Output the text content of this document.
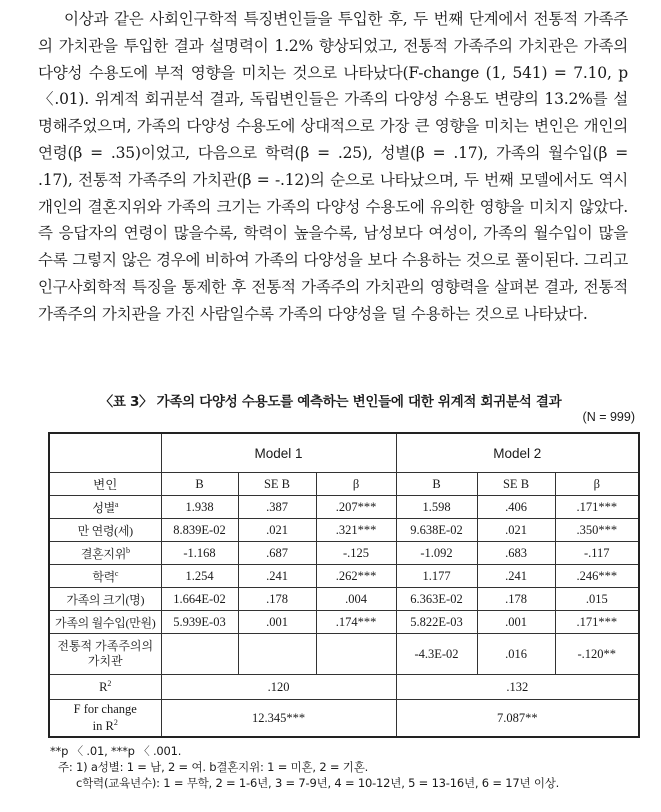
이상과 같은 사회인구학적 특징변인들을 투입한 후, 두 번째 단계에서 전통적 가족주의 가치관을 투입한 결과 설명력이 1.2% 향상되었고, 전통적 가족주의 가치관은 가족의 다양성 수용도에 부적 영향을 미치는 것으로 나타났다(F-change (1, 541) = 7.10, p 〈.01). 위계적 회귀분석 결과, 독립변인들은 가족의 다양성 수용도 변량의 13.2%를 설명해주었으며, 가족의 다양성 수용도에 상대적으로 가장 큰 영향을 미치는 변인은 개인의 연령(β = .35)이었고, 다음으로 학력(β = .25), 성별(β = .17), 가족의 월수입(β = .17), 전통적 가족주의 가치관(β = -.12)의 순으로 나타났으며, 두 번째 모델에서도 역시 개인의 결혼지위와 가족의 크기는 가족의 다양성 수용도에 유의한 영향을 미치지 않았다. 즉 응답자의 연령이 많을수록, 학력이 높을수록, 남성보다 여성이, 가족의 월수입이 많을수록 그렇지 않은 경우에 비하여 가족의 다양성을 보다 수용하는 것으로 풀이된다. 그리고 인구사회학적 특징을 통제한 후 전통적 가족주의 가치관의 영향력을 살펴본 결과, 전통적 가족주의 가치관을 가진 사람일수록 가족의 다양성을 덜 수용하는 것으로 나타났다.
〈표 3〉 가족의 다양성 수용도를 예측하는 변인들에 대한 위계적 회귀분석 결과
(N = 999)
	Model 1			Model 2		
변인	B	SE B	β	B	SE B	β
성별$^a$	1.938	.387	.207***	1.598	.406	.171***
만 연령(세)	8.839E-02	.021	.321***	9.638E-02	.021	.350***
결혼지위$^b$	-1.168	.687	-.125	-1.092	.683	-.117
학력$^c$	1.254	.241	.262***	1.177	.241	.246***
가족의 크기(명)	1.664E-02	.178	.004	6.363E-02	.178	.015
가족의 월수입(만원)	5.939E-03	.001	.174***	5.822E-03	.001	.171***
전통적 가족주의의
가치관				-4.3E-02	.016	-.120**
$R^2$	.120			.132		
F for change
in $R^2$	12.345***			7.087**		
**p 〈 .01, ***p 〈 .001.
주: 1) a성별: 1 = 남, 2 = 여. b결혼지위: 1 = 미혼, 2 = 기혼.
c학력(교육년수): 1 = 무학, 2 = 1-6년, 3 = 7-9년, 4 = 10-12년, 5 = 13-16년, 6 = 17년 이상.
